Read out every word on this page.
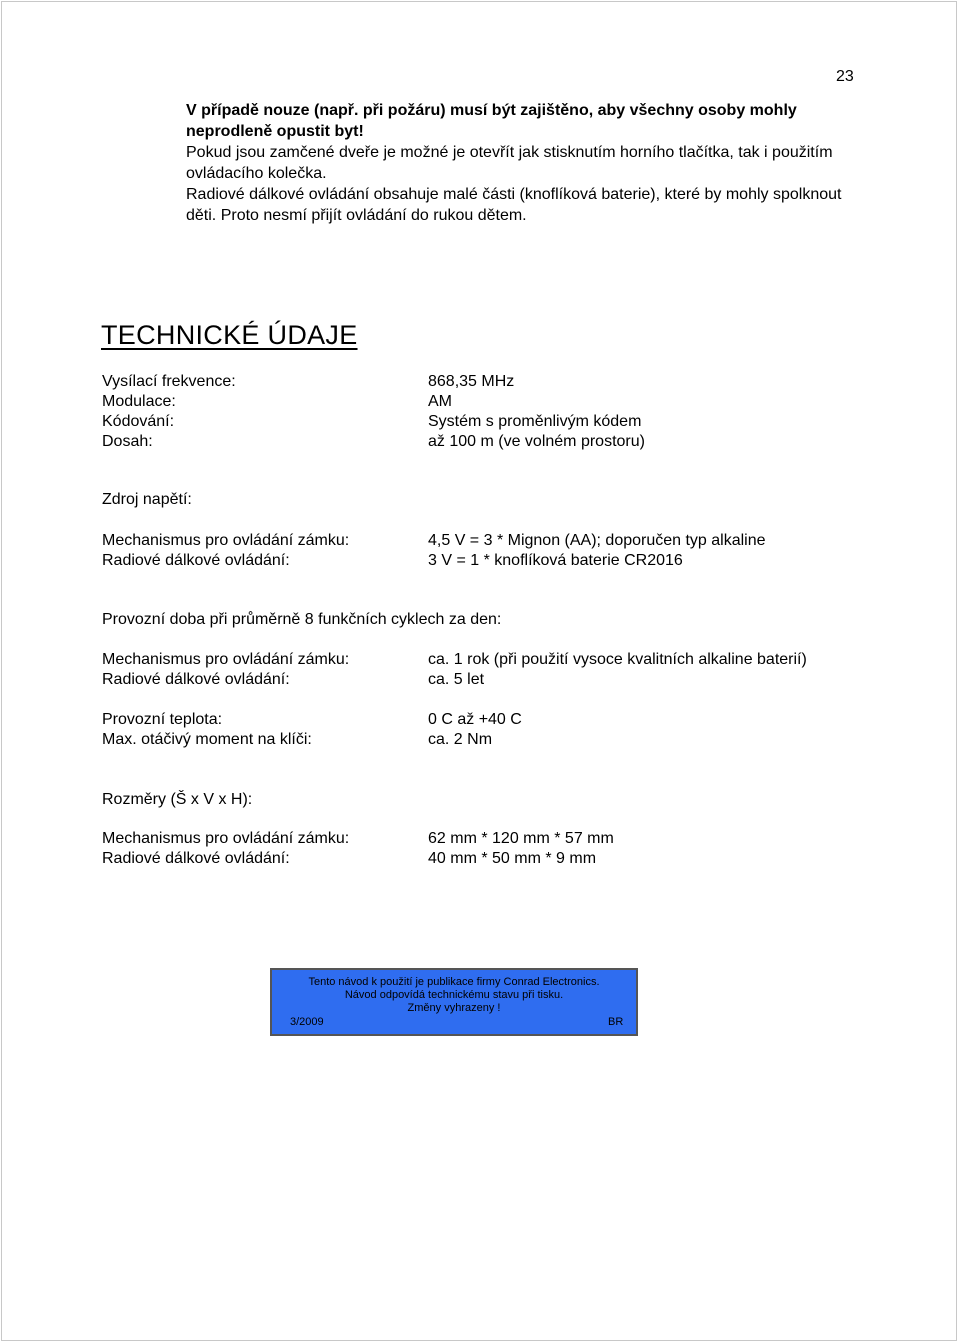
23

V případě nouze (např. při požáru) musí být zajištěno, aby všechny osoby mohly neprodleně opustit byt!

Pokud jsou zamčené dveře je možné je otevřít jak stisknutím horního tlačítka, tak i použitím ovládacího kolečka.

Radiové dálkové ovládání obsahuje malé části (knoflíková baterie), které by mohly spolknout děti. Proto nesmí přijít ovládání do rukou dětem.

TECHNICKÉ ÚDAJE
Vysílací frekvence:	868,35 MHz
Modulace:	AM
Kódování:	Systém s proměnlivým kódem
Dosah:	až 100 m (ve volném prostoru)
Zdroj napětí:
Mechanismus pro ovládání zámku:	4,5 V = 3 * Mignon (AA); doporučen typ alkaline
Radiové dálkové ovládání:	3 V = 1 * knoflíková baterie CR2016
Provozní doba při průměrně 8 funkčních cyklech za den:
Mechanismus pro ovládání zámku:	ca. 1 rok (při použití vysoce kvalitních alkaline baterií)
Radiové dálkové ovládání:	ca. 5 let
Provozní teplota:	0 C až +40 C
Max. otáčivý moment na klíči:	ca. 2 Nm
Rozměry (Š x V x H):
Mechanismus pro ovládání zámku:	62 mm * 120 mm * 57 mm
Radiové dálkové ovládání:	40 mm * 50 mm * 9 mm
Tento návod k použití je publikace firmy Conrad Electronics.
Návod odpovídá technickému stavu při tisku.
Změny vyhrazeny !
3/2009	BR
